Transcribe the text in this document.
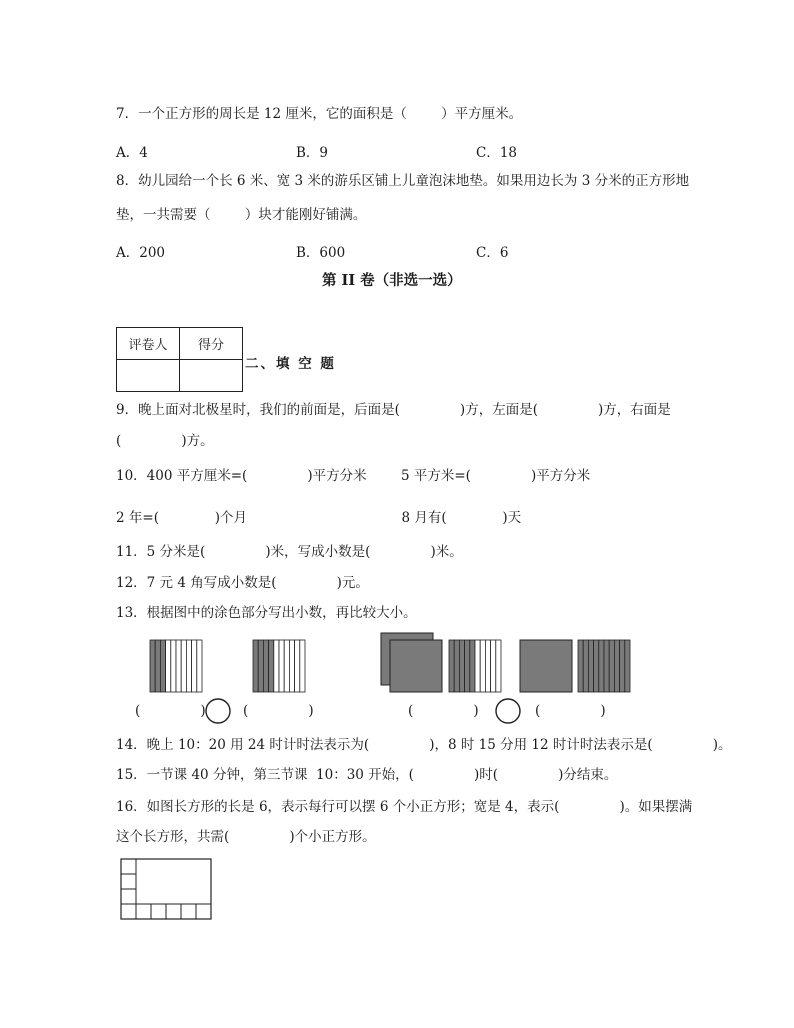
7．一个正方形的周长是 12 厘米，它的面积是（        ）平方厘米。
A．4	B．9	C．18
8．幼儿园给一个长 6 米、宽 3 米的游乐区铺上儿童泡沫地垫。如果用边长为 3 分米的正方形地
垫，一共需要（        ）块才能刚好铺满。
A．200	B．600	C．6
第 II 卷（非选一选）
评卷人	得分

二、填 空 题
9．晚上面对北极星时，我们的前面是，后面是(              )方，左面是(              )方，右面是
(              )方。
10．400 平方厘米=(              )平方分米        5 平方米=(              )平方分米
2 年=(             )个月                                    8 月有(             )天
11．5 分米是(              )米，写成小数是(              )米。
12．7 元 4 角写成小数是(              )元。
13．根据图中的涂色部分写出小数，再比较大小。
(              )	(              )	(              )	(              )
14．晚上 10：20 用 24 时计时法表示为(              )，8 时 15 分用 12 时计时法表示是(              )。
15．一节课 40 分钟，第三节课  10：30 开始，(              )时(              )分结束。
16．如图长方形的长是 6，表示每行可以摆 6 个小正方形；宽是 4，表示(              )。如果摆满
这个长方形，共需(              )个小正方形。
